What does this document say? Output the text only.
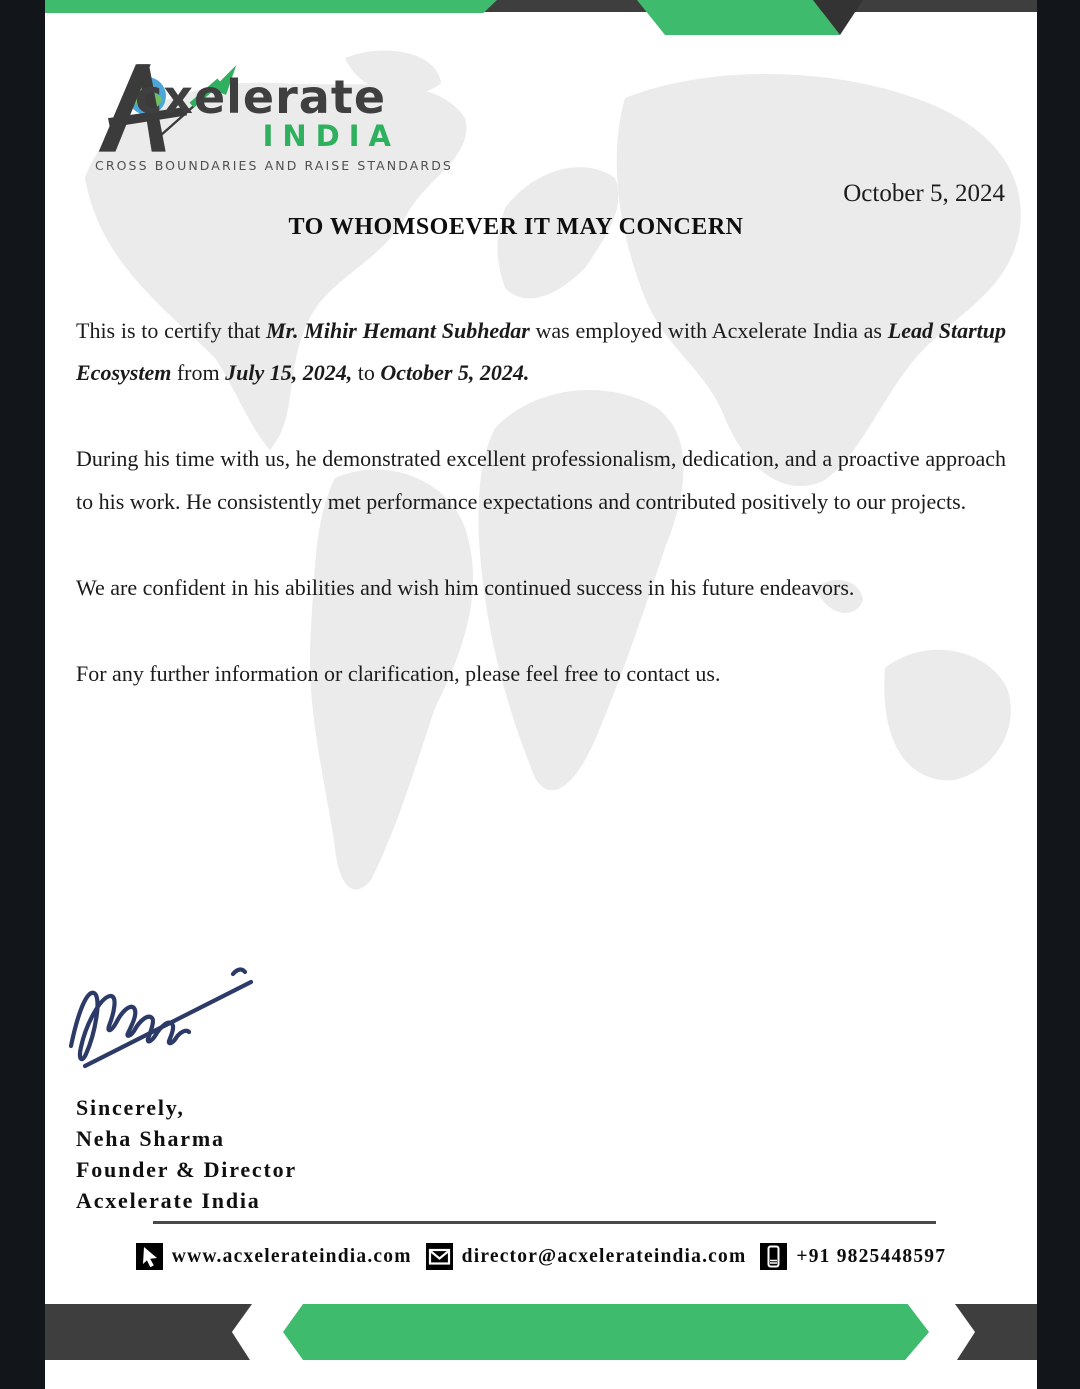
cxelerate
INDIA
CROSS BOUNDARIES AND RAISE STANDARDS
October 5, 2024
TO WHOMSOEVER IT MAY CONCERN

This is to certify that Mr. Mihir Hemant Subhedar was employed with Acxelerate India as Lead Startup Ecosystem from July 15, 2024, to October 5, 2024.

During his time with us, he demonstrated excellent professionalism, dedication, and a proactive approach to his work. He consistently met performance expectations and contributed positively to our projects.

We are confident in his abilities and wish him continued success in his future endeavors.

For any further information or clarification, please feel free to contact us.

Sincerely,
Neha Sharma
Founder & Director
Acxelerate India
www.acxelerateindia.com	director@acxelerateindia.com	+91 9825448597
